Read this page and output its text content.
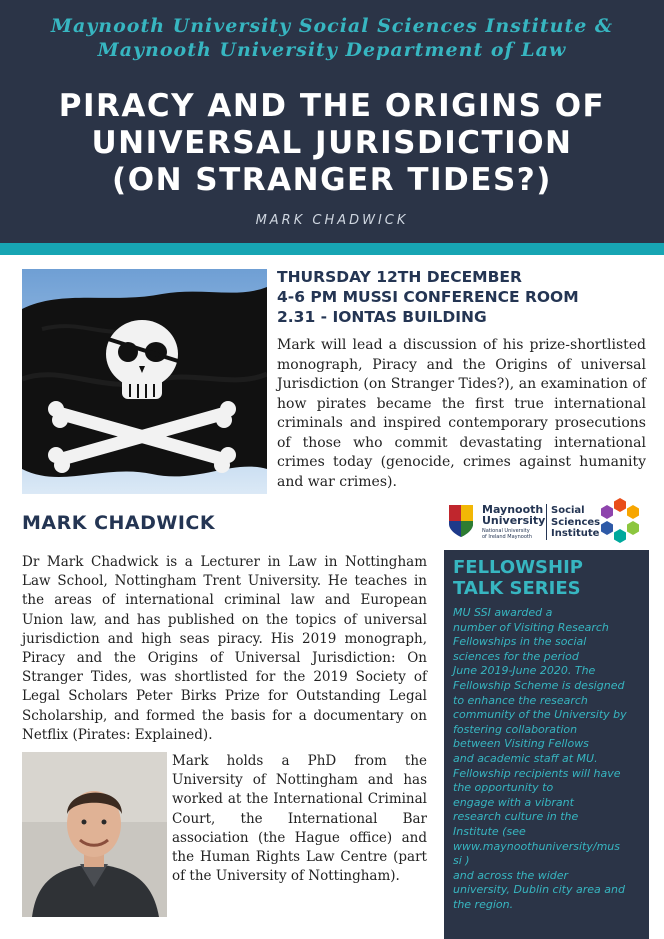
Maynooth University Social Sciences Institute &
Maynooth University Department of Law
PIRACY AND THE ORIGINS OF
UNIVERSAL JURISDICTION
(ON STRANGER TIDES?)
MARK CHADWICK
THURSDAY 12TH DECEMBER
4-6 PM MUSSI CONFERENCE ROOM
2.31 - IONTAS BUILDING
Mark will lead a discussion of his prize-shortlisted monograph, Piracy and the Origins of universal Jurisdiction (on Stranger Tides?), an examination of how pirates became the first true international criminals and inspired contemporary prosecutions of those who commit devastating international crimes today (genocide, crimes against humanity and war crimes).
MARK CHADWICK
Dr Mark Chadwick is a Lecturer in Law in Nottingham Law School, Nottingham Trent University. He teaches in the areas of international criminal law and European Union law, and has published on the topics of universal jurisdiction and high seas piracy. His 2019 monograph, Piracy and the Origins of Universal Jurisdiction: On Stranger Tides, was shortlisted for the 2019 Society of Legal Scholars Peter Birks Prize for Outstanding Legal Scholarship, and formed the basis for a documentary on Netflix (Pirates: Explained).
Mark holds a PhD from the University of Nottingham and has worked at the International Criminal Court, the International Bar association (the Hague office) and the Human Rights Law Centre (part of the University of Nottingham).
Maynooth
University
National University
of Ireland Maynooth
Social
Sciences
Institute
FELLOWSHIP
TALK SERIES
MU SSI awarded a
number of Visiting Research
Fellowships in the social
sciences for the period
June 2019-June 2020. The
Fellowship Scheme is designed
to enhance the research
community of the University by
fostering collaboration
between Visiting Fellows
and academic staff at MU.
Fellowship recipients will have
the opportunity to
engage with a vibrant
research culture in the
Institute (see
www.maynoothuniversity/mus
si )
and across the wider
university, Dublin city area and
the region.
